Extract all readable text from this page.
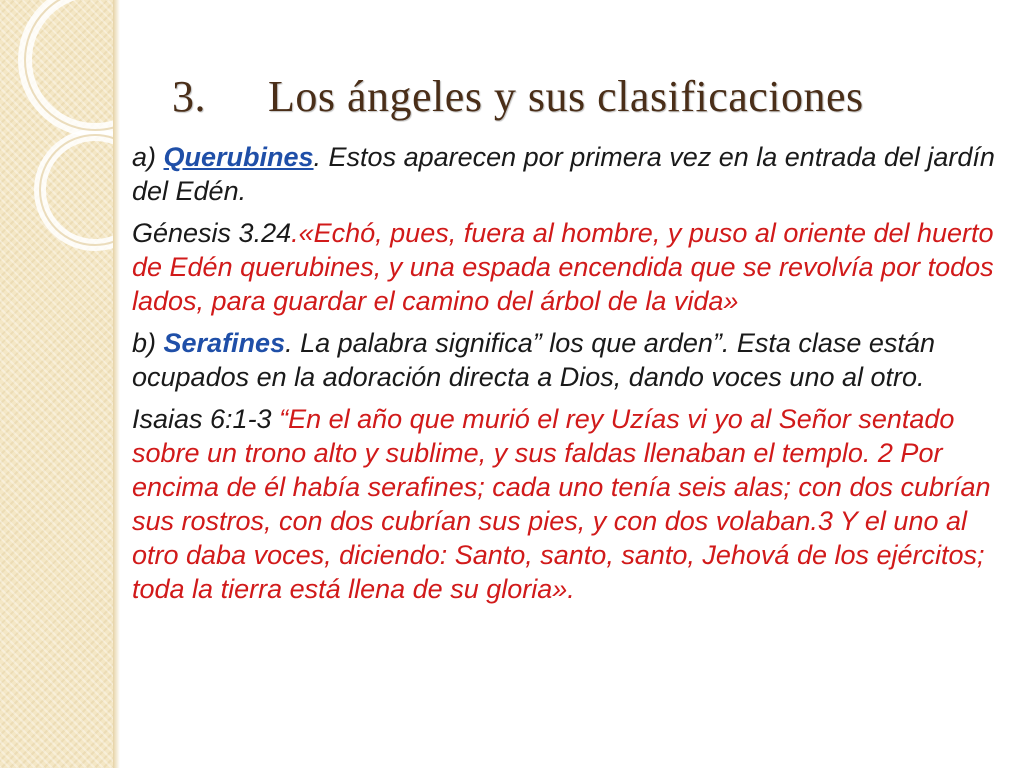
3. Los ángeles y sus clasificaciones

a) Querubines. Estos aparecen por primera vez en la entrada del jardín del Edén.

Génesis 3.24.«Echó, pues, fuera al hombre, y puso al oriente del huerto de Edén querubines, y una espada encendida que se revolvía por todos lados, para guardar el camino del árbol de la vida»

b) Serafines. La palabra significa” los que arden”. Esta clase están ocupados en la adoración directa a Dios, dando voces uno al otro.

Isaias 6:1-3 “En el año que murió el rey Uzías vi yo al Señor sentado sobre un trono alto y sublime, y sus faldas llenaban el templo. 2 Por encima de él había serafines; cada uno tenía seis alas; con dos cubrían sus rostros, con dos cubrían sus pies, y con dos volaban.3 Y el uno al otro daba voces, diciendo: Santo, santo, santo, Jehová de los ejércitos; toda la tierra está llena de su gloria».
